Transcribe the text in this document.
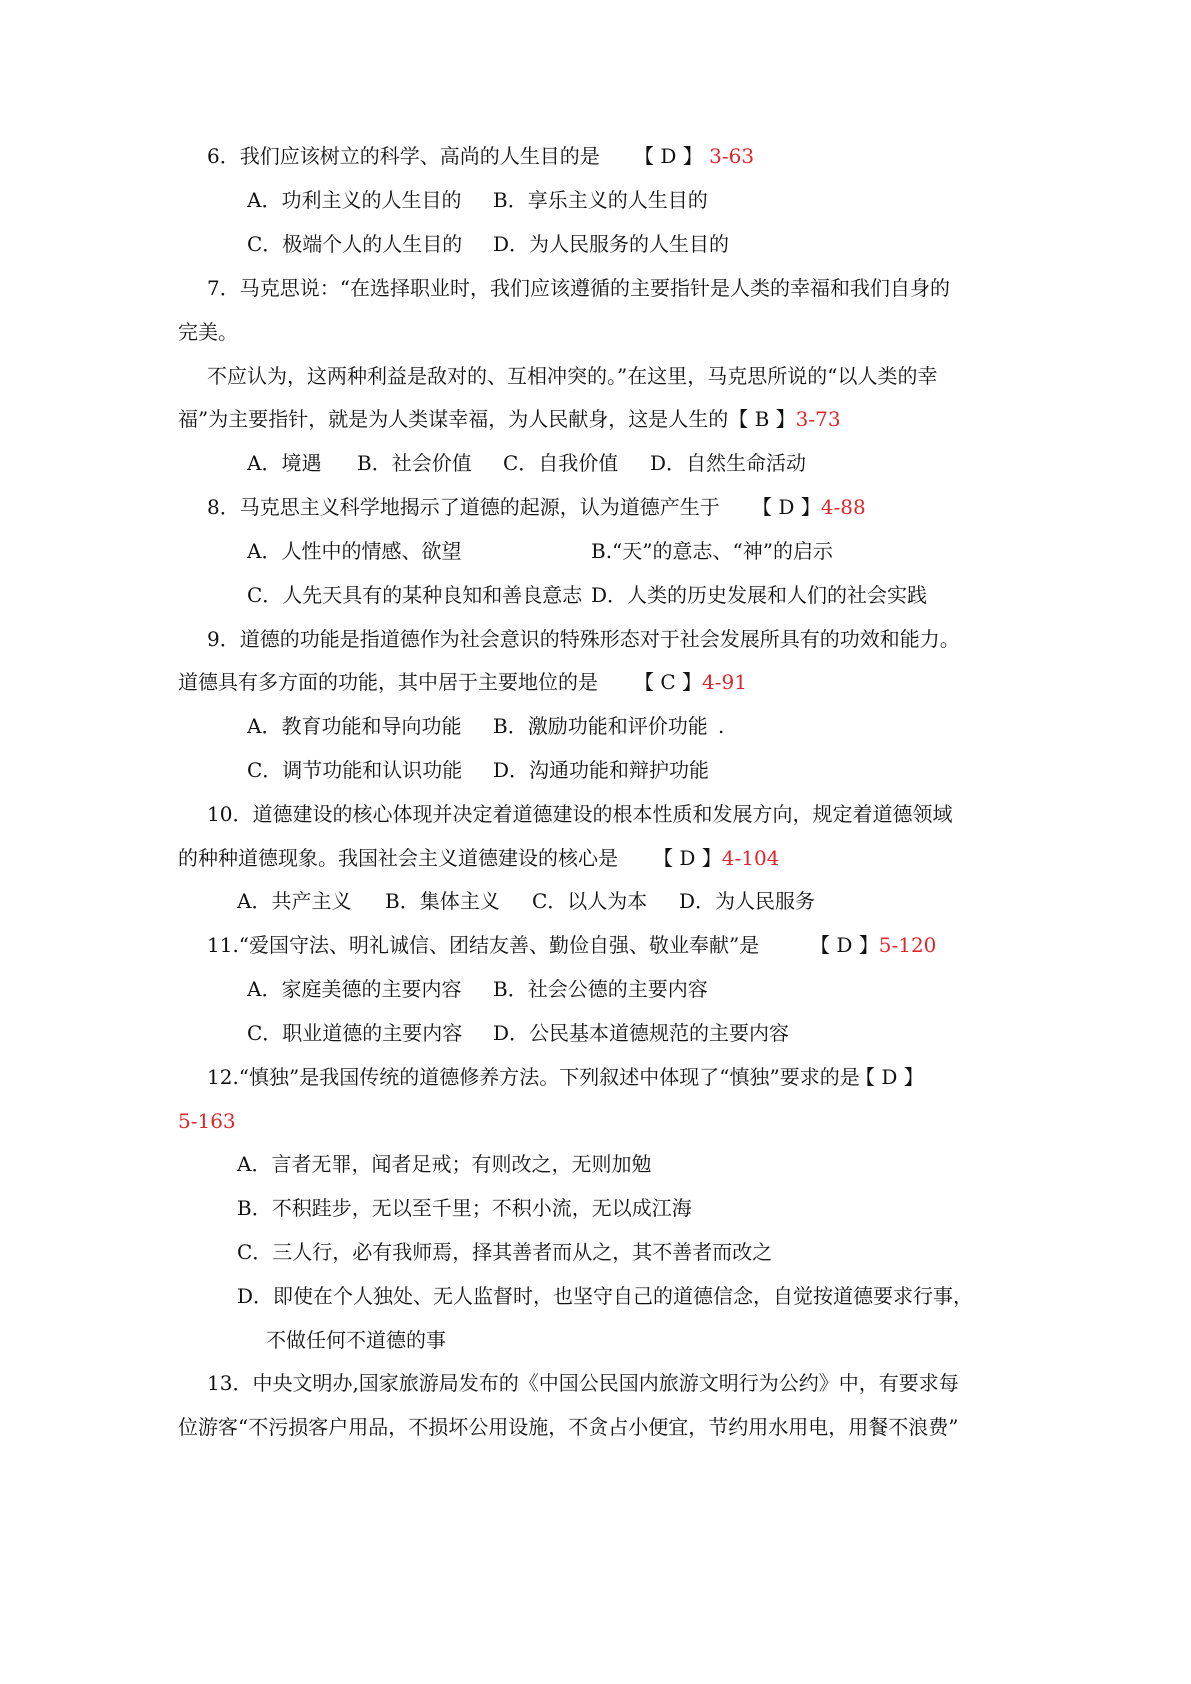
6．我们应该树立的科学、高尚的人生目的是 【 D 】 3-63
A．功利主义的人生目的 B．享乐主义的人生目的
C．极端个人的人生目的 D．为人民服务的人生目的
7．马克思说：“在选择职业时，我们应该遵循的主要指针是人类的幸福和我们自身的
完美。
不应认为，这两种利益是敌对的、互相冲突的。”在这里，马克思所说的“以人类的幸
福”为主要指针，就是为人类谋幸福，为人民献身，这是人生的【 B 】3-73
A．境遇 B．社会价值 C．自我价值 D．自然生命活动
8．马克思主义科学地揭示了道德的起源，认为道德产生于 【 D 】4-88
A．人性中的情感、欲望	B.“天”的意志、“神”的启示
C．人先天具有的某种良知和善良意志 D．人类的历史发展和人们的社会实践
9．道德的功能是指道德作为社会意识的特殊形态对于社会发展所具有的功效和能力。
道德具有多方面的功能，其中居于主要地位的是 【 C 】4-91
A．教育功能和导向功能 B．激励功能和评价功能 .
C．调节功能和认识功能 D．沟通功能和辩护功能
10．道德建设的核心体现并决定着道德建设的根本性质和发展方向，规定着道德领域
的种种道德现象。我国社会主义道德建设的核心是 【 D 】4-104
A．共产主义 B．集体主义 C．以人为本 D．为人民服务
11.“爱国守法、明礼诚信、团结友善、勤俭自强、敬业奉献”是	【 D 】5-120
A．家庭美德的主要内容 B．社会公德的主要内容
C．职业道德的主要内容 D．公民基本道德规范的主要内容
12.“慎独”是我国传统的道德修养方法。下列叙述中体现了“慎独”要求的是
【 D 】
5-163
A．言者无罪，闻者足戒；有则改之，无则加勉
B．不积跬步，无以至千里；不积小流，无以成江海
C．三人行，必有我师焉，择其善者而从之，其不善者而改之
D．即使在个人独处、无人监督时，也坚守自己的道德信念，自觉按道德要求行事，
不做任何不道德的事
13．中央文明办,国家旅游局发布的《中国公民国内旅游文明行为公约》中，有要求每
位游客“不污损客户用品，不损坏公用设施，不贪占小便宜，节约用水用电，用餐不浪费”
